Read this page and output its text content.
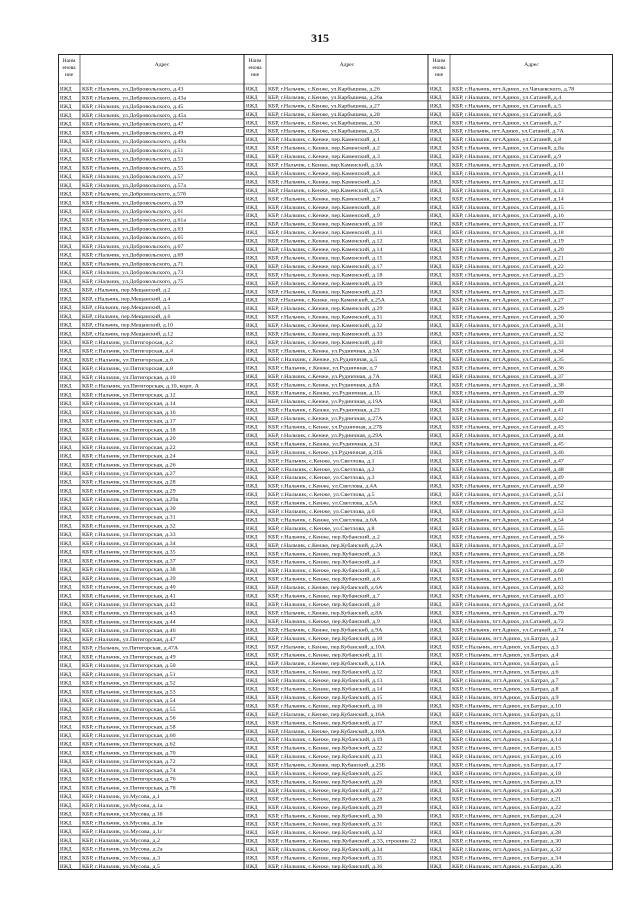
315
Наим
енова
ние
Адрес
ИЖД КБР, г.Нальчик, ул.Добровольского, д.43
ИЖД КБР, г.Нальчик, ул.Добровольского, д.43а
ИЖД КБР, г.Нальчик, ул.Добровольского, д.45
ИЖД КБР, г.Нальчик, ул.Добровольского, д.45а
ИЖД КБР, г.Нальчик, ул.Добровольского, д.47
ИЖД КБР, г.Нальчик, ул.Добровольского, д.49
ИЖД КБР, г.Нальчик, ул.Добровольского, д.49а
ИЖД КБР, г.Нальчик, ул.Добровольского, д.51
ИЖД КБР, г.Нальчик, ул.Добровольского, д.53
ИЖД КБР, г.Нальчик, ул.Добровольского, д.55
ИЖД КБР, г.Нальчик, ул.Добровольского, д.57
ИЖД КБР, г.Нальчик, ул.Добровольского, д.57а
ИЖД КБР, г.Нальчик, ул.Добровольского, д.57б
ИЖД КБР, г.Нальчик, ул.Добровольского, д.59
ИЖД КБР, г.Нальчик, ул.Добровольского, д.61
ИЖД КБР, г.Нальчик, ул.Добровольского, д.61а
ИЖД КБР, г.Нальчик, ул.Добровольского, д.63
ИЖД КБР, г.Нальчик, ул.Добровольского, д.65
ИЖД КБР, г.Нальчик, ул.Добровольского, д.67
ИЖД КБР, г.Нальчик, ул.Добровольского, д.69
ИЖД КБР, г.Нальчик, ул.Добровольского, д.71
ИЖД КБР, г.Нальчик, ул.Добровольского, д.73
ИЖД КБР, г.Нальчик, ул.Добровольского, д.75
ИЖД КБР, г.Нальчик, пер.Мещанский, д.2
ИЖД КБР, г.Нальчик, пер.Мещанский, д.4
ИЖД КБР, г.Нальчик, пер.Мещанский, д.5
ИЖД КБР, г.Нальчик, пер.Мещанский, д.6
ИЖД КБР, г.Нальчик, пер.Мещанский, д.10
ИЖД КБР, г.Нальчик, пер.Мещанский, д.12
ИЖД КБР, г.Нальчик, ул.Пятигорская, д.2
ИЖД КБР, г.Нальчик, ул.Пятигорская, д.4
ИЖД КБР, г.Нальчик, ул.Пятигорская, д.6
ИЖД КБР, г.Нальчик, ул.Пятигорская, д.8
ИЖД КБР, г.Нальчик, ул.Пятигорская, д.10
ИЖД КБР, г.Нальчик, ул.Пятигорская, д.10, корп. А
ИЖД КБР, г.Нальчик, ул.Пятигорская, д.12
ИЖД КБР, г.Нальчик, ул.Пятигорская, д.14
ИЖД КБР, г.Нальчик, ул.Пятигорская, д.16
ИЖД КБР, г.Нальчик, ул.Пятигорская, д.17
ИЖД КБР, г.Нальчик, ул.Пятигорская, д.18
ИЖД КБР, г.Нальчик, ул.Пятигорская, д.20
ИЖД КБР, г.Нальчик, ул.Пятигорская, д.22
ИЖД КБР, г.Нальчик, ул.Пятигорская, д.24
ИЖД КБР, г.Нальчик, ул.Пятигорская, д.26
ИЖД КБР, г.Нальчик, ул.Пятигорская, д.27
ИЖД КБР, г.Нальчик, ул.Пятигорская, д.28
ИЖД КБР, г.Нальчик, ул.Пятигорская, д.29
ИЖД КБР, г.Нальчик, ул.Пятигорская, д.29а
ИЖД КБР, г.Нальчик, ул.Пятигорская, д.30
ИЖД КБР, г.Нальчик, ул.Пятигорская, д.31
ИЖД КБР, г.Нальчик, ул.Пятигорская, д.32
ИЖД КБР, г.Нальчик, ул.Пятигорская, д.33
ИЖД КБР, г.Нальчик, ул.Пятигорская, д.34
ИЖД КБР, г.Нальчик, ул.Пятигорская, д.35
ИЖД КБР, г.Нальчик, ул.Пятигорская, д.37
ИЖД КБР, г.Нальчик, ул.Пятигорская, д.38
ИЖД КБР, г.Нальчик, ул.Пятигорская, д.39
ИЖД КБР, г.Нальчик, ул.Пятигорская, д.40
ИЖД КБР, г.Нальчик, ул.Пятигорская, д.41
ИЖД КБР, г.Нальчик, ул.Пятигорская, д.42
ИЖД КБР, г.Нальчик, ул.Пятигорская, д.43
ИЖД КБР, г.Нальчик, ул.Пятигорская, д.44
ИЖД КБР, г.Нальчик, ул.Пятигорская, д.46
ИЖД КБР, г.Нальчик, ул.Пятигорская, д.47
ИЖД КБР, г.Нальчик, ул.Пятигорская, д.47А
ИЖД КБР, г.Нальчик, ул.Пятигорская, д.49
ИЖД КБР, г.Нальчик, ул.Пятигорская, д.50
ИЖД КБР, г.Нальчик, ул.Пятигорская, д.51
ИЖД КБР, г.Нальчик, ул.Пятигорская, д.52
ИЖД КБР, г.Нальчик, ул.Пятигорская, д.53
ИЖД КБР, г.Нальчик, ул.Пятигорская, д.54
ИЖД КБР, г.Нальчик, ул.Пятигорская, д.55
ИЖД КБР, г.Нальчик, ул.Пятигорская, д.56
ИЖД КБР, г.Нальчик, ул.Пятигорская, д.58
ИЖД КБР, г.Нальчик, ул.Пятигорская, д.60
ИЖД КБР, г.Нальчик, ул.Пятигорская, д.62
ИЖД КБР, г.Нальчик, ул.Пятигорская, д.70
ИЖД КБР, г.Нальчик, ул.Пятигорская, д.72
ИЖД КБР, г.Нальчик, ул.Пятигорская, д.74
ИЖД КБР, г.Нальчик, ул.Пятигорская, д.76
ИЖД КБР, г.Нальчик, ул.Пятигорская, д.78
ИЖД КБР, г.Нальчик, ул.Мусова, д.1
ИЖД КБР, г.Нальчик, ул.Мусова, д.1а
ИЖД КБР, г.Нальчик, ул.Мусова, д.1б
ИЖД КБР, г.Нальчик, ул.Мусова, д.1в
ИЖД КБР, г.Нальчик, ул.Мусова, д.1г
ИЖД КБР, г.Нальчик, ул.Мусова, д.2
ИЖД КБР, г.Нальчик, ул.Мусова, д.2а
ИЖД КБР, г.Нальчик, ул.Мусова, д.3
ИЖД КБР, г.Нальчик, ул.Мусова, д.5
Наим
енова
ние
Адрес
ИЖД КБР, г.Нальчик, с.Кенже, ул.Карбышева, д.26
ИЖД КБР, г.Нальчик, с.Кенже, ул.Карбышева, д.26а
ИЖД КБР, г.Нальчик, с.Кенже, ул.Карбышева, д.27
ИЖД КБР, г.Нальчик, с.Кенже, ул.Карбышева, д.28
ИЖД КБР, г.Нальчик, с.Кенже, ул.Карбышева, д.30
ИЖД КБР, г.Нальчик, с.Кенже, ул.Карбышева, д.35
ИЖД КБР, г.Нальчик, с.Кенже, пер.Каменский, д.1
ИЖД КБР, г.Нальчик, с.Кенже, пер.Каменский, д.2
ИЖД КБР, г.Нальчик, с.Кенже, пер.Каменский, д.3
ИЖД КБР, г.Нальчик, с.Кенже, пер.Каменский, д.3А
ИЖД КБР, г.Нальчик, с.Кенже, пер.Каменский, д.4
ИЖД КБР, г.Нальчик, с.Кенже, пер.Каменский, д.5
ИЖД КБР, г.Нальчик, с.Кенже, пер.Каменский, д.5А
ИЖД КБР, г.Нальчик, с.Кенже, пер.Каменский, д.7
ИЖД КБР, г.Нальчик, с.Кенже, пер.Каменский, д.8
ИЖД КБР, г.Нальчик, с.Кенже, пер.Каменский, д.9
ИЖД КБР, г.Нальчик, с.Кенже, пер.Каменский, д.10
ИЖД КБР, г.Нальчик, с.Кенже, пер.Каменский, д.11
ИЖД КБР, г.Нальчик, с.Кенже, пер.Каменский, д.12
ИЖД КБР, г.Нальчик, с.Кенже, пер.Каменский, д.14
ИЖД КБР, г.Нальчик, с.Кенже, пер.Каменский, д.15
ИЖД КБР, г.Нальчик, с.Кенже, пер.Каменский, д.17
ИЖД КБР, г.Нальчик, с.Кенже, пер.Каменский, д.18
ИЖД КБР, г.Нальчик, с.Кенже, пер.Каменский, д.19
ИЖД КБР, г.Нальчик, с.Кенже, пер.Каменский, д.23
ИЖД КБР, г.Нальчик, с.Кенже, пер.Каменский, д.25А
ИЖД КБР, г.Нальчик, с.Кенже, пер.Каменский, д.29
ИЖД КБР, г.Нальчик, с.Кенже, пер.Каменский, д.31
ИЖД КБР, г.Нальчик, с.Кенже, пер.Каменский, д.32
ИЖД КБР, г.Нальчик, с.Кенже, пер.Каменский, д.33
ИЖД КБР, г.Нальчик, с.Кенже, пер.Каменский, д.40
ИЖД КБР, г.Нальчик, с.Кенже, ул.Рудничная, д.3А
ИЖД КБР, г.Нальчик, с.Кенже, ул.Рудничная, д.5
ИЖД КБР, г.Нальчик, с.Кенже, ул.Рудничная, д.7
ИЖД КБР, г.Нальчик, с.Кенже, ул.Рудничная, д.7А
ИЖД КБР, г.Нальчик, с.Кенже, ул.Рудничная, д.8А
ИЖД КБР, г.Нальчик, с.Кенже, ул.Рудничная, д.15
ИЖД КБР, г.Нальчик, с.Кенже, ул.Рудничная, д.19А
ИЖД КБР, г.Нальчик, с.Кенже, ул.Рудничная, д.23
ИЖД КБР, г.Нальчик, с.Кенже, ул.Рудничная, д.27А
ИЖД КБР, г.Нальчик, с.Кенже, ул.Рудничная, д.27Б
ИЖД КБР, г.Нальчик, с.Кенже, ул.Рудничная, д.29А
ИЖД КБР, г.Нальчик, с.Кенже, ул.Рудничная, д.31
ИЖД КБР, г.Нальчик, с.Кенже, ул.Рудничная, д.31Б
ИЖД КБР, г.Нальчик, с.Кенже, ул.Светлова, д.1
ИЖД КБР, г.Нальчик, с.Кенже, ул.Светлова, д.2
ИЖД КБР, г.Нальчик, с.Кенже, ул.Светлова, д.3
ИЖД КБР, г.Нальчик, с.Кенже, ул.Светлова, д.4А
ИЖД КБР, г.Нальчик, с.Кенже, ул.Светлова, д.5
ИЖД КБР, г.Нальчик, с.Кенже, ул.Светлова, д.5А
ИЖД КБР, г.Нальчик, с.Кенже, ул.Светлова, д.6
ИЖД КБР, г.Нальчик, с.Кенже, ул.Светлова, д.6А
ИЖД КБР, г.Нальчик, с.Кенже, ул.Светлова, д.8
ИЖД КБР, г.Нальчик, с.Кенже, пер.Кубанский, д.2
ИЖД КБР, г.Нальчик, с.Кенже, пер.Кубанский, д.2А
ИЖД КБР, г.Нальчик, с.Кенже, пер.Кубанский, д.3
ИЖД КБР, г.Нальчик, с.Кенже, пер.Кубанский, д.4
ИЖД КБР, г.Нальчик, с.Кенже, пер.Кубанский, д.5
ИЖД КБР, г.Нальчик, с.Кенже, пер.Кубанский, д.6
ИЖД КБР, г.Нальчик, с.Кенже, пер.Кубанский, д.6А
ИЖД КБР, г.Нальчик, с.Кенже, пер.Кубанский, д.7
ИЖД КБР, г.Нальчик, с.Кенже, пер.Кубанский, д.8
ИЖД КБР, г.Нальчик, с.Кенже, пер.Кубанский, д.8А
ИЖД КБР, г.Нальчик, с.Кенже, пер.Кубанский, д.9
ИЖД КБР, г.Нальчик, с.Кенже, пер.Кубанский, д.9А
ИЖД КБР, г.Нальчик, с.Кенже, пер.Кубанский, д.10
ИЖД КБР, г.Нальчик, с.Кенже, пер.Кубанский, д.10А
ИЖД КБР, г.Нальчик, с.Кенже, пер.Кубанский, д.11
ИЖД КБР, г.Нальчик, с.Кенже, пер.Кубанский, д.11А
ИЖД КБР, г.Нальчик, с.Кенже, пер.Кубанский, д.12
ИЖД КБР, г.Нальчик, с.Кенже, пер.Кубанский, д.13
ИЖД КБР, г.Нальчик, с.Кенже, пер.Кубанский, д.14
ИЖД КБР, г.Нальчик, с.Кенже, пер.Кубанский, д.15
ИЖД КБР, г.Нальчик, с.Кенже, пер.Кубанский, д.16
ИЖД КБР, г.Нальчик, с.Кенже, пер.Кубанский, д.16А
ИЖД КБР, г.Нальчик, с.Кенже, пер.Кубанский, д.17
ИЖД КБР, г.Нальчик, с.Кенже, пер.Кубанский, д.18А
ИЖД КБР, г.Нальчик, с.Кенже, пер.Кубанский, д.19
ИЖД КБР, г.Нальчик, с.Кенже, пер.Кубанский, д.22
ИЖД КБР, г.Нальчик, с.Кенже, пер.Кубанский, д.23
ИЖД КБР, г.Нальчик, с.Кенже, пер.Кубанский, д.23Б
ИЖД КБР, г.Нальчик, с.Кенже, пер.Кубанский, д.25
ИЖД КБР, г.Нальчик, с.Кенже, пер.Кубанский, д.26
ИЖД КБР, г.Нальчик, с.Кенже, пер.Кубанский, д.27
ИЖД КБР, г.Нальчик, с.Кенже, пер.Кубанский, д.28
ИЖД КБР, г.Нальчик, с.Кенже, пер.Кубанский, д.29
ИЖД КБР, г.Нальчик, с.Кенже, пер.Кубанский, д.30
ИЖД КБР, г.Нальчик, с.Кенже, пер.Кубанский, д.31
ИЖД КБР, г.Нальчик, с.Кенже, пер.Кубанский, д.32
ИЖД КБР, г.Нальчик, с.Кенже, пер.Кубанский, д.33, строение 22
ИЖД КБР, г.Нальчик, с.Кенже, пер.Кубанский, д.34
ИЖД КБР, г.Нальчик, с.Кенже, пер.Кубанский, д.35
ИЖД КБР, г.Нальчик, с.Кенже, пер.Кубанский, д.36
Наим
енова
ние
Адрес
ИЖД КБР, г.Нальчик, пгт.Адиюх, ул.Чапаевского, д.78
ИЖД КБР, г.Нальчик, пгт.Адиюх, ул.Сатаней, д.4
ИЖД КБР, г.Нальчик, пгт.Адиюх, ул.Сатаней, д.5
ИЖД КБР, г.Нальчик, пгт.Адиюх, ул.Сатаней, д.6
ИЖД КБР, г.Нальчик, пгт.Адиюх, ул.Сатаней, д.7
ИЖД КБР, г.Нальчик, пгт.Адиюх, ул.Сатаней, д.7А
ИЖД КБР, г.Нальчик, пгт.Адиюх, ул.Сатаней, д.8
ИЖД КБР, г.Нальчик, пгт.Адиюх, ул.Сатаней, д.8а
ИЖД КБР, г.Нальчик, пгт.Адиюх, ул.Сатаней, д.9
ИЖД КБР, г.Нальчик, пгт.Адиюх, ул.Сатаней, д.10
ИЖД КБР, г.Нальчик, пгт.Адиюх, ул.Сатаней, д.11
ИЖД КБР, г.Нальчик, пгт.Адиюх, ул.Сатаней, д.12
ИЖД КБР, г.Нальчик, пгт.Адиюх, ул.Сатаней, д.13
ИЖД КБР, г.Нальчик, пгт.Адиюх, ул.Сатаней, д.14
ИЖД КБР, г.Нальчик, пгт.Адиюх, ул.Сатаней, д.15
ИЖД КБР, г.Нальчик, пгт.Адиюх, ул.Сатаней, д.16
ИЖД КБР, г.Нальчик, пгт.Адиюх, ул.Сатаней, д.17
ИЖД КБР, г.Нальчик, пгт.Адиюх, ул.Сатаней, д.18
ИЖД КБР, г.Нальчик, пгт.Адиюх, ул.Сатаней, д.19
ИЖД КБР, г.Нальчик, пгт.Адиюх, ул.Сатаней, д.20
ИЖД КБР, г.Нальчик, пгт.Адиюх, ул.Сатаней, д.21
ИЖД КБР, г.Нальчик, пгт.Адиюх, ул.Сатаней, д.22
ИЖД КБР, г.Нальчик, пгт.Адиюх, ул.Сатаней, д.23
ИЖД КБР, г.Нальчик, пгт.Адиюх, ул.Сатаней, д.24
ИЖД КБР, г.Нальчик, пгт.Адиюх, ул.Сатаней, д.25
ИЖД КБР, г.Нальчик, пгт.Адиюх, ул.Сатаней, д.27
ИЖД КБР, г.Нальчик, пгт.Адиюх, ул.Сатаней, д.29
ИЖД КБР, г.Нальчик, пгт.Адиюх, ул.Сатаней, д.30
ИЖД КБР, г.Нальчик, пгт.Адиюх, ул.Сатаней, д.31
ИЖД КБР, г.Нальчик, пгт.Адиюх, ул.Сатаней, д.32
ИЖД КБР, г.Нальчик, пгт.Адиюх, ул.Сатаней, д.33
ИЖД КБР, г.Нальчик, пгт.Адиюх, ул.Сатаней, д.34
ИЖД КБР, г.Нальчик, пгт.Адиюх, ул.Сатаней, д.35
ИЖД КБР, г.Нальчик, пгт.Адиюх, ул.Сатаней, д.36
ИЖД КБР, г.Нальчик, пгт.Адиюх, ул.Сатаней, д.37
ИЖД КБР, г.Нальчик, пгт.Адиюх, ул.Сатаней, д.38
ИЖД КБР, г.Нальчик, пгт.Адиюх, ул.Сатаней, д.39
ИЖД КБР, г.Нальчик, пгт.Адиюх, ул.Сатаней, д.40
ИЖД КБР, г.Нальчик, пгт.Адиюх, ул.Сатаней, д.41
ИЖД КБР, г.Нальчик, пгт.Адиюх, ул.Сатаней, д.42
ИЖД КБР, г.Нальчик, пгт.Адиюх, ул.Сатаней, д.43
ИЖД КБР, г.Нальчик, пгт.Адиюх, ул.Сатаней, д.44
ИЖД КБР, г.Нальчик, пгт.Адиюх, ул.Сатаней, д.45
ИЖД КБР, г.Нальчик, пгт.Адиюх, ул.Сатаней, д.46
ИЖД КБР, г.Нальчик, пгт.Адиюх, ул.Сатаней, д.47
ИЖД КБР, г.Нальчик, пгт.Адиюх, ул.Сатаней, д.48
ИЖД КБР, г.Нальчик, пгт.Адиюх, ул.Сатаней, д.49
ИЖД КБР, г.Нальчик, пгт.Адиюх, ул.Сатаней, д.50
ИЖД КБР, г.Нальчик, пгт.Адиюх, ул.Сатаней, д.51
ИЖД КБР, г.Нальчик, пгт.Адиюх, ул.Сатаней, д.52
ИЖД КБР, г.Нальчик, пгт.Адиюх, ул.Сатаней, д.53
ИЖД КБР, г.Нальчик, пгт.Адиюх, ул.Сатаней, д.54
ИЖД КБР, г.Нальчик, пгт.Адиюх, ул.Сатаней, д.55
ИЖД КБР, г.Нальчик, пгт.Адиюх, ул.Сатаней, д.56
ИЖД КБР, г.Нальчик, пгт.Адиюх, ул.Сатаней, д.57
ИЖД КБР, г.Нальчик, пгт.Адиюх, ул.Сатаней, д.58
ИЖД КБР, г.Нальчик, пгт.Адиюх, ул.Сатаней, д.59
ИЖД КБР, г.Нальчик, пгт.Адиюх, ул.Сатаней, д.60
ИЖД КБР, г.Нальчик, пгт.Адиюх, ул.Сатаней, д.61
ИЖД КБР, г.Нальчик, пгт.Адиюх, ул.Сатаней, д.62
ИЖД КБР, г.Нальчик, пгт.Адиюх, ул.Сатаней, д.63
ИЖД КБР, г.Нальчик, пгт.Адиюх, ул.Сатаней, д.64
ИЖД КБР, г.Нальчик, пгт.Адиюх, ул.Сатаней, д.70
ИЖД КБР, г.Нальчик, пгт.Адиюх, ул.Сатаней, д.72
ИЖД КБР, г.Нальчик, пгт.Адиюх, ул.Сатаней, д.74
ИЖД КБР, г.Нальчик, пгт.Адиюх, ул.Батраз, д.2
ИЖД КБР, г.Нальчик, пгт.Адиюх, ул.Батраз, д.3
ИЖД КБР, г.Нальчик, пгт.Адиюх, ул.Батраз, д.4
ИЖД КБР, г.Нальчик, пгт.Адиюх, ул.Батраз, д.5
ИЖД КБР, г.Нальчик, пгт.Адиюх, ул.Батраз, д.6
ИЖД КБР, г.Нальчик, пгт.Адиюх, ул.Батраз, д.7
ИЖД КБР, г.Нальчик, пгт.Адиюх, ул.Батраз, д.8
ИЖД КБР, г.Нальчик, пгт.Адиюх, ул.Батраз, д.9
ИЖД КБР, г.Нальчик, пгт.Адиюх, ул.Батраз, д.10
ИЖД КБР, г.Нальчик, пгт.Адиюх, ул.Батраз, д.11
ИЖД КБР, г.Нальчик, пгт.Адиюх, ул.Батраз, д.12
ИЖД КБР, г.Нальчик, пгт.Адиюх, ул.Батраз, д.13
ИЖД КБР, г.Нальчик, пгт.Адиюх, ул.Батраз, д.14
ИЖД КБР, г.Нальчик, пгт.Адиюх, ул.Батраз, д.15
ИЖД КБР, г.Нальчик, пгт.Адиюх, ул.Батраз, д.16
ИЖД КБР, г.Нальчик, пгт.Адиюх, ул.Батраз, д.17
ИЖД КБР, г.Нальчик, пгт.Адиюх, ул.Батраз, д.18
ИЖД КБР, г.Нальчик, пгт.Адиюх, ул.Батраз, д.19
ИЖД КБР, г.Нальчик, пгт.Адиюх, ул.Батраз, д.20
ИЖД КБР, г.Нальчик, пгт.Адиюх, ул.Батраз, д.21
ИЖД КБР, г.Нальчик, пгт.Адиюх, ул.Батраз, д.22
ИЖД КБР, г.Нальчик, пгт.Адиюх, ул.Батраз, д.24
ИЖД КБР, г.Нальчик, пгт.Адиюх, ул.Батраз, д.26
ИЖД КБР, г.Нальчик, пгт.Адиюх, ул.Батраз, д.28
ИЖД КБР, г.Нальчик, пгт.Адиюх, ул.Батраз, д.30
ИЖД КБР, г.Нальчик, пгт.Адиюх, ул.Батраз, д.32
ИЖД КБР, г.Нальчик, пгт.Адиюх, ул.Батраз, д.34
ИЖД КБР, г.Нальчик, пгт.Адиюх, ул.Батраз, д.36
